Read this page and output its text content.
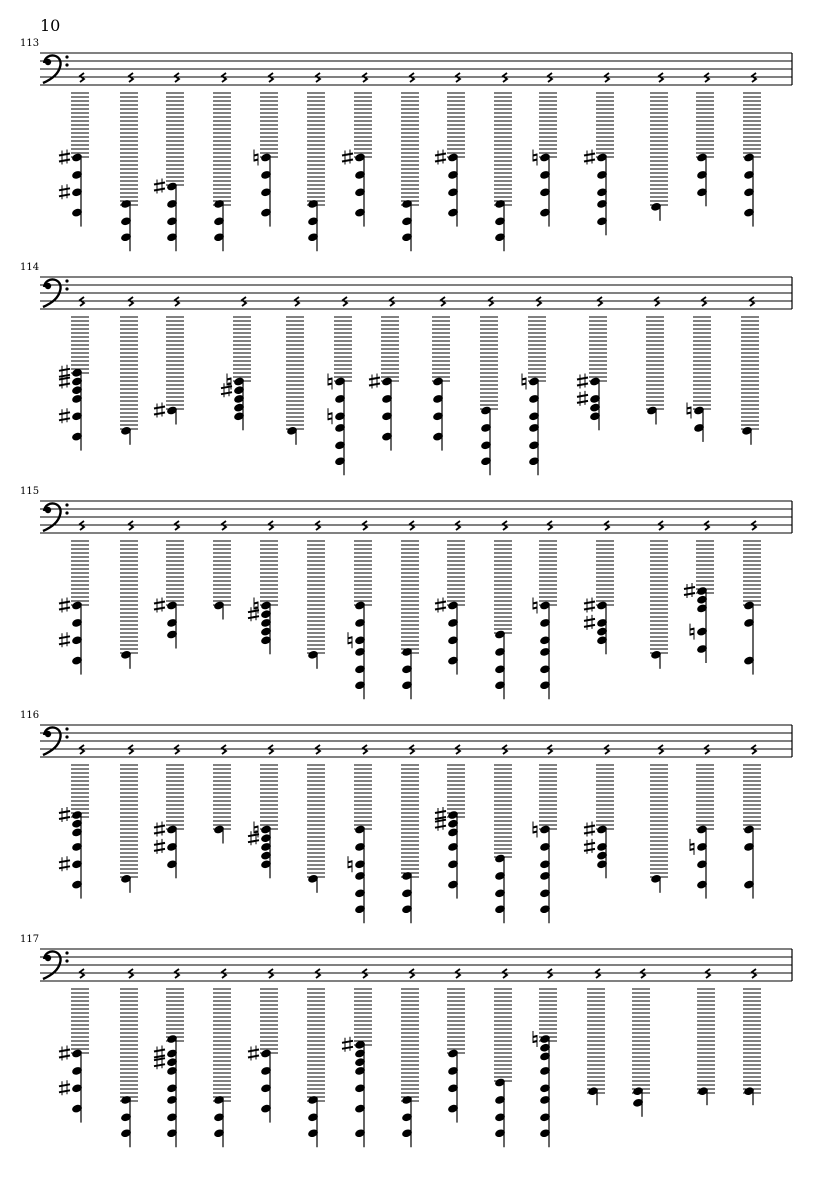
10
113
114
115
116
117
